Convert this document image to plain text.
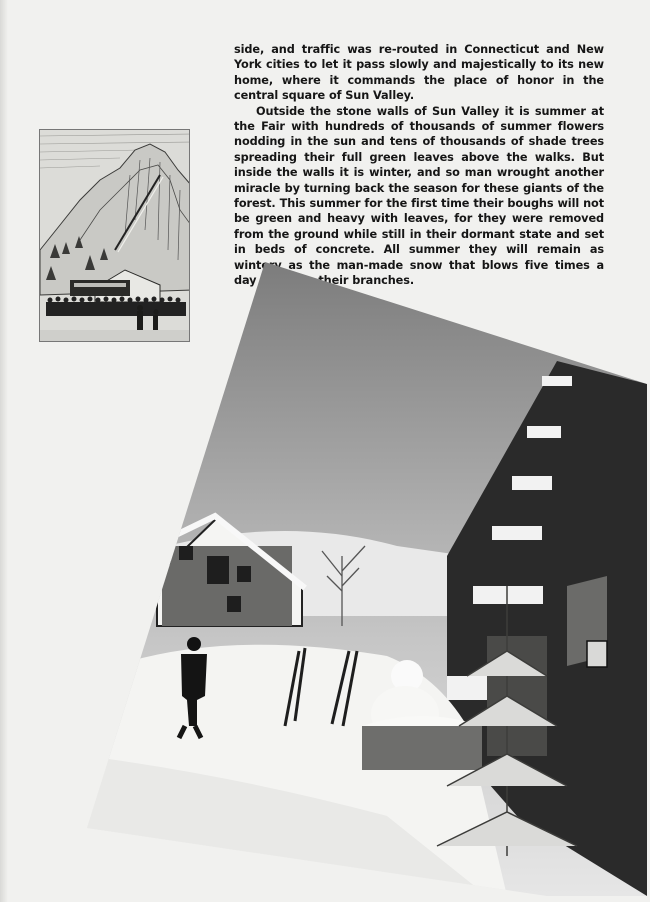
side, and traffic was re-routed in Connecticut and New York cities to let it pass slowly and majestically to its new home, where it commands the place of honor in the central square of Sun Valley.

Outside the stone walls of Sun Valley it is summer at the Fair with hundreds of thousands of summer flowers nodding in the sun and tens of thousands of shade trees spreading their full green leaves above the walks. But inside the walls it is winter, and so man wrought another miracle by turning back the season for these giants of the forest. This summer for the first time their boughs will not be green and heavy with leaves, for they were removed from the ground while still in their dormant state and set in beds of concrete. All summer they will remain as wintery as the man-made snow that blows five times a day between their branches.
